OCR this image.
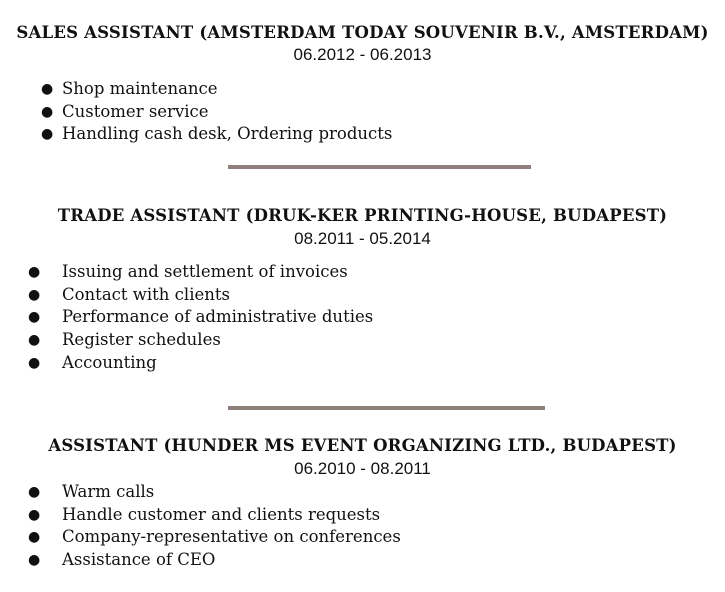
SALES ASSISTANT (AMSTERDAM TODAY SOUVENIR B.V., AMSTERDAM)
06.2012 - 06.2013
● Shop maintenance
● Customer service
● Handling cash desk, Ordering products
TRADE ASSISTANT (DRUK-KER PRINTING-HOUSE, BUDAPEST)
08.2011 - 05.2014
● Issuing and settlement of invoices
● Contact with clients
● Performance of administrative duties
● Register schedules
● Accounting
ASSISTANT (HUNDER MS EVENT ORGANIZING LTD., BUDAPEST)
06.2010 - 08.2011
● Warm calls
● Handle customer and clients requests
● Company-representative on conferences
● Assistance of CEO
